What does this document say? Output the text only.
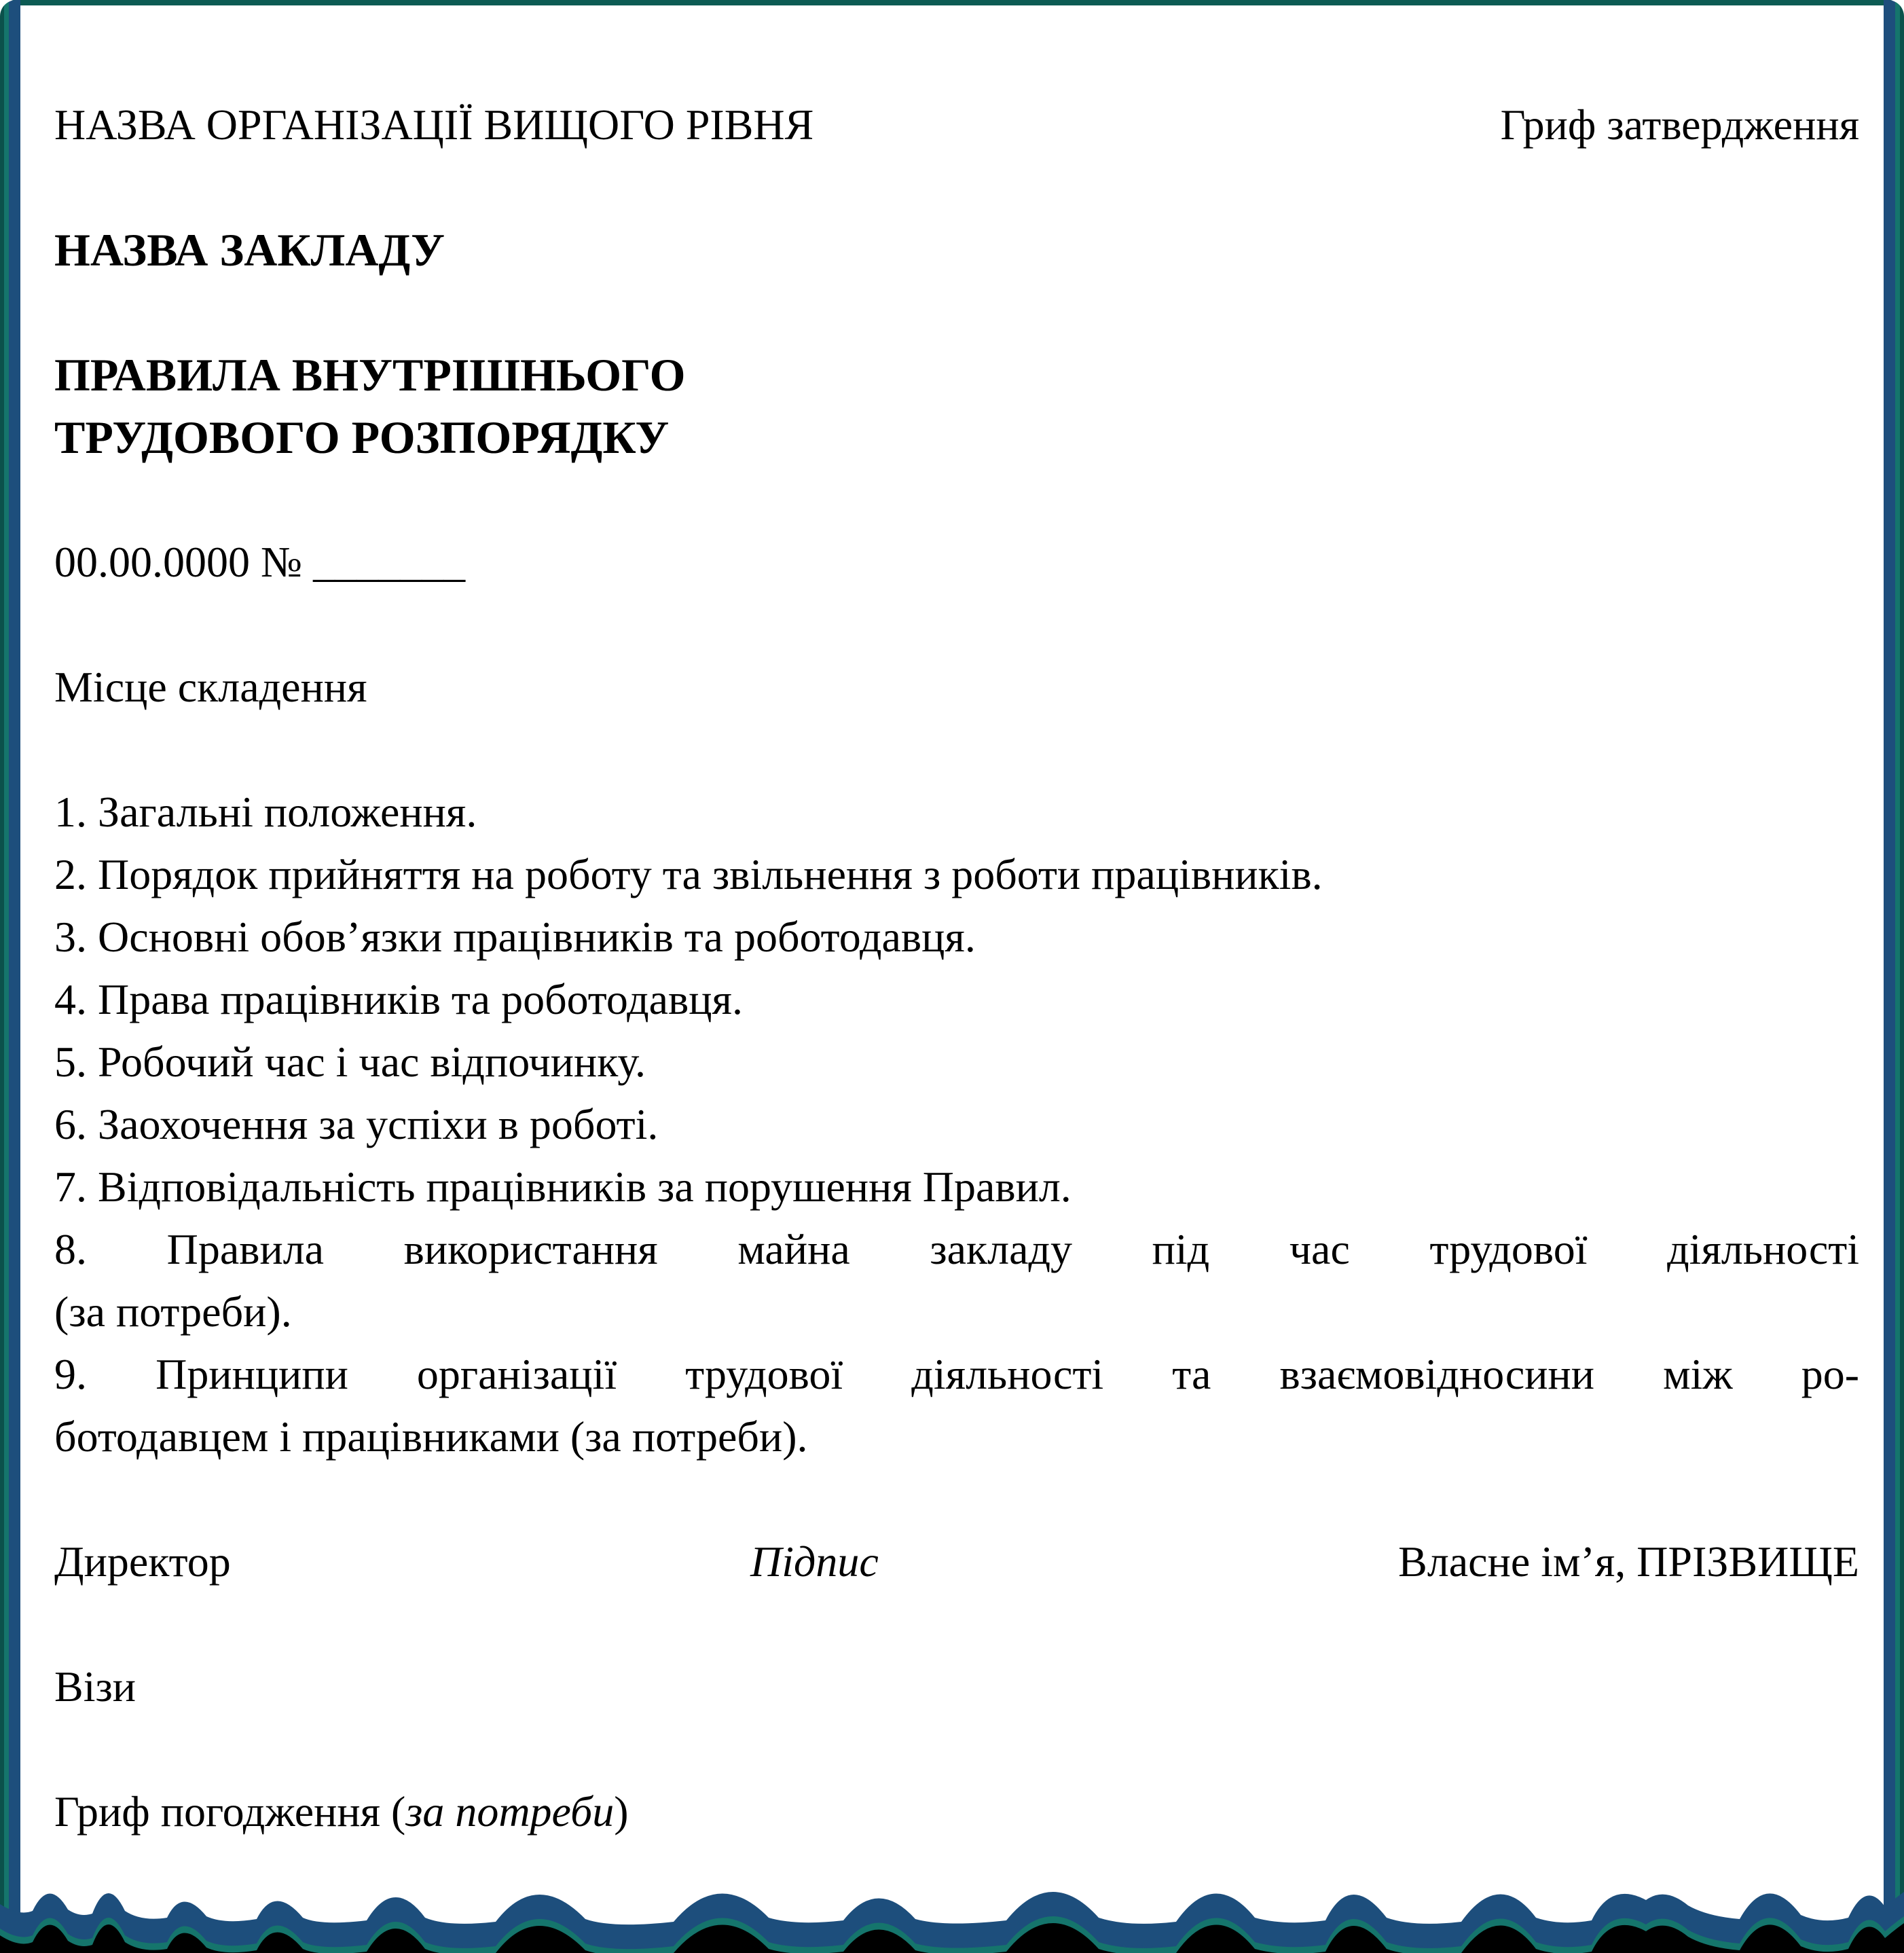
НАЗВА ОРГАНІЗАЦІЇ ВИЩОГО РІВНЯ	Гриф затвердження
НАЗВА ЗАКЛАДУ
ПРАВИЛА ВНУТРІШНЬОГО
ТРУДОВОГО РОЗПОРЯДКУ
00.00.0000 № _______
Місце складення
1. Загальні положення.
2. Порядок прийняття на роботу та звільнення з роботи працівників.
3. Основні обов’язки працівників та роботодавця.
4. Права працівників та роботодавця.
5. Робочий час і час відпочинку.
6. Заохочення за успіхи в роботі.
7. Відповідальність працівників за порушення Правил.
8. Правила використання майна закладу під час трудової діяльності
(за потреби).
9. Принципи організації трудової діяльності та взаємовідносини між ро-
ботодавцем і працівниками (за потреби).
Директор	Підпис	Власне ім’я, ПРІЗВИЩЕ
Візи
Гриф погодження (за потреби)
